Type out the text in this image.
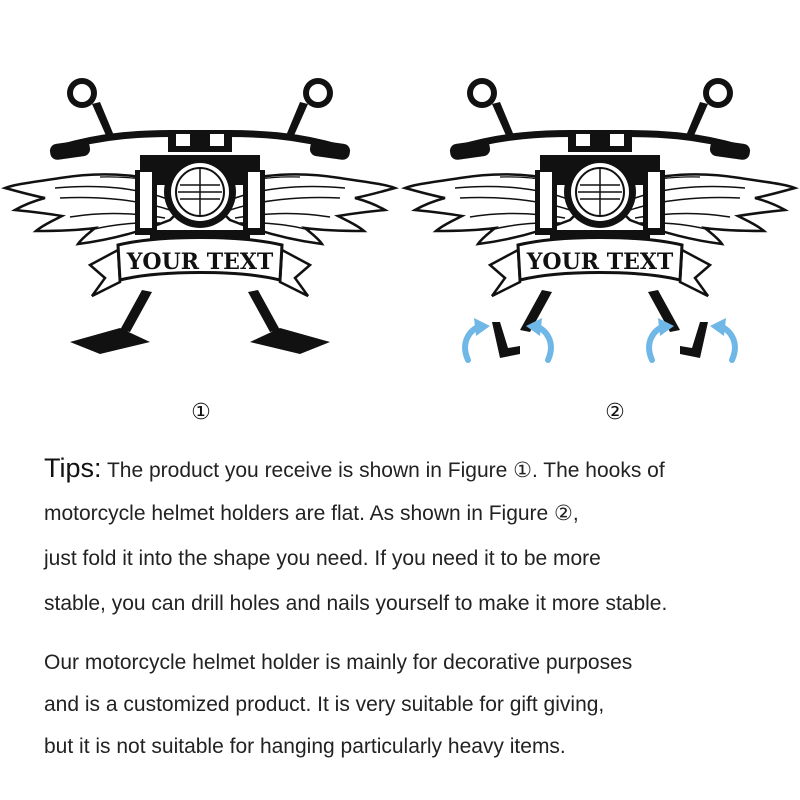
YOUR TEXT	YOUR TEXT
①	②
Tips: The product you receive is shown in Figure ①. The hooks of
motorcycle helmet holders are flat. As shown in Figure ②,
just fold it into the shape you need. If you need it to be more
stable, you can drill holes and nails yourself to make it more stable.
Our motorcycle helmet holder is mainly for decorative purposes
and is a customized product. It is very suitable for gift giving,
but it is not suitable for hanging particularly heavy items.
